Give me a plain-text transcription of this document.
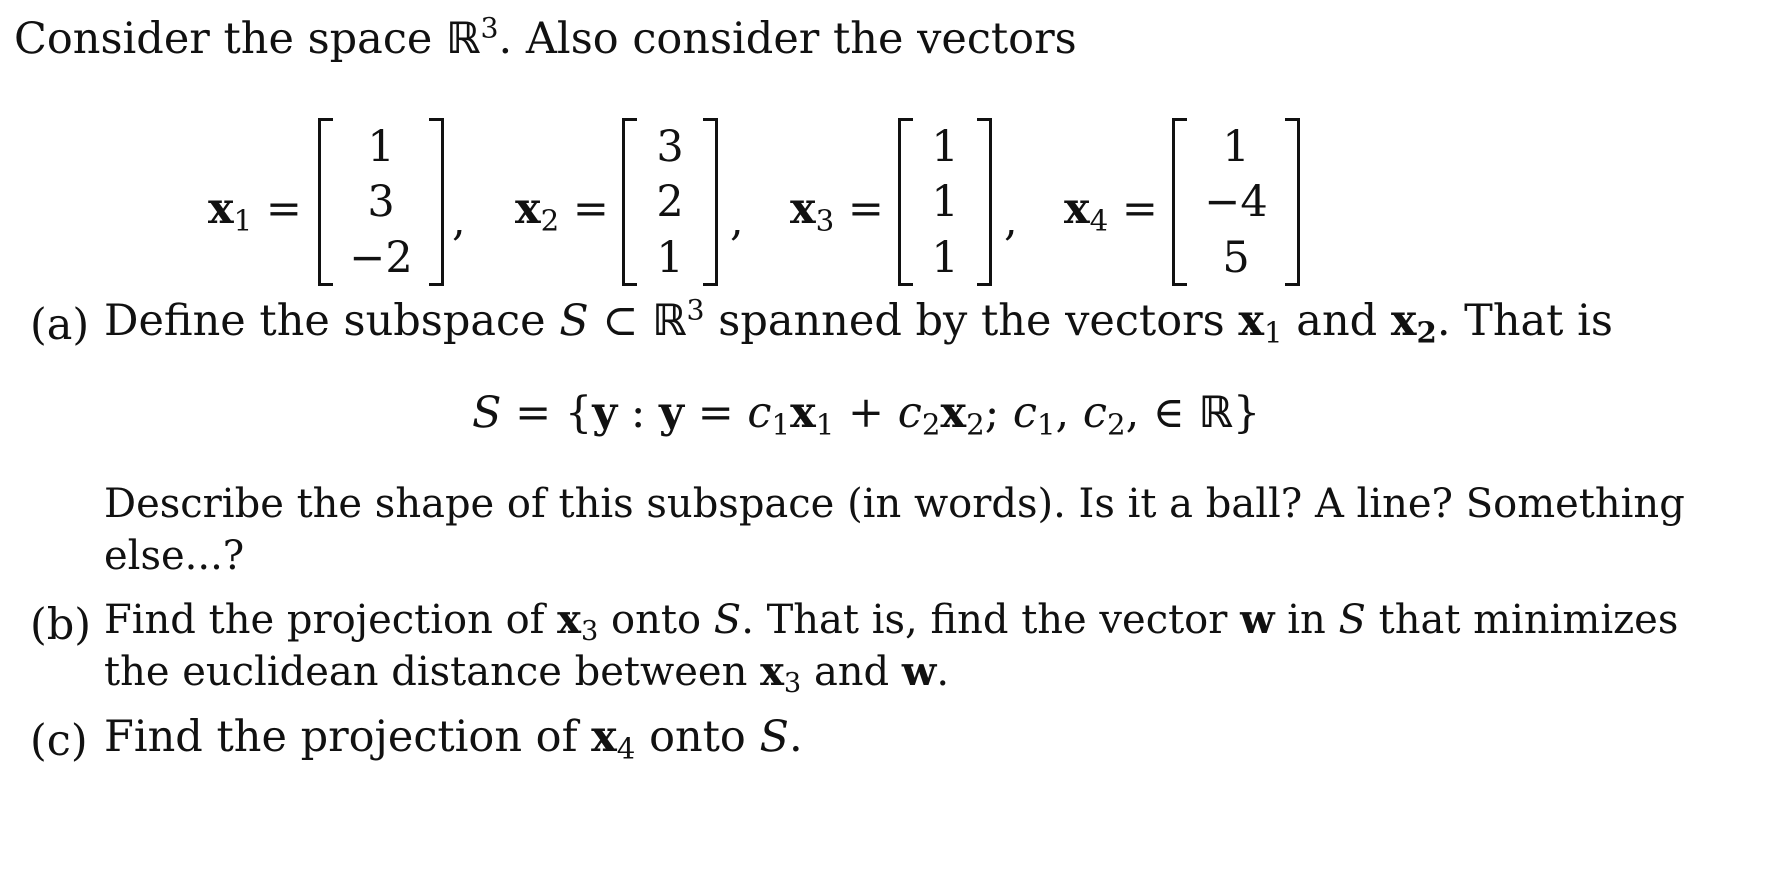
Consider the space ℝ$^3$. Also consider the vectors
$x_1$ =
1
3
−2
, $x_2$ =
3
2
1
, $x_3$ =
1
1
1
, $x_4$ =
1
−4
5
(a) Define the subspace S ⊂ ℝ$^3$ spanned by the vectors $x_1$ and $x_2$. That is
S = {y : $y = c_1x_1 + c_2x_2$; $c_1$, $c_2$, ∈ ℝ}
Describe the shape of this subspace (in words). Is it a ball? A line? Something
else...?
(b) Find the projection of $x_3$ onto S. That is, find the vector w in S that minimizes
the euclidean distance between $x_3$ and w.
(c) Find the projection of $x_4$ onto S.
